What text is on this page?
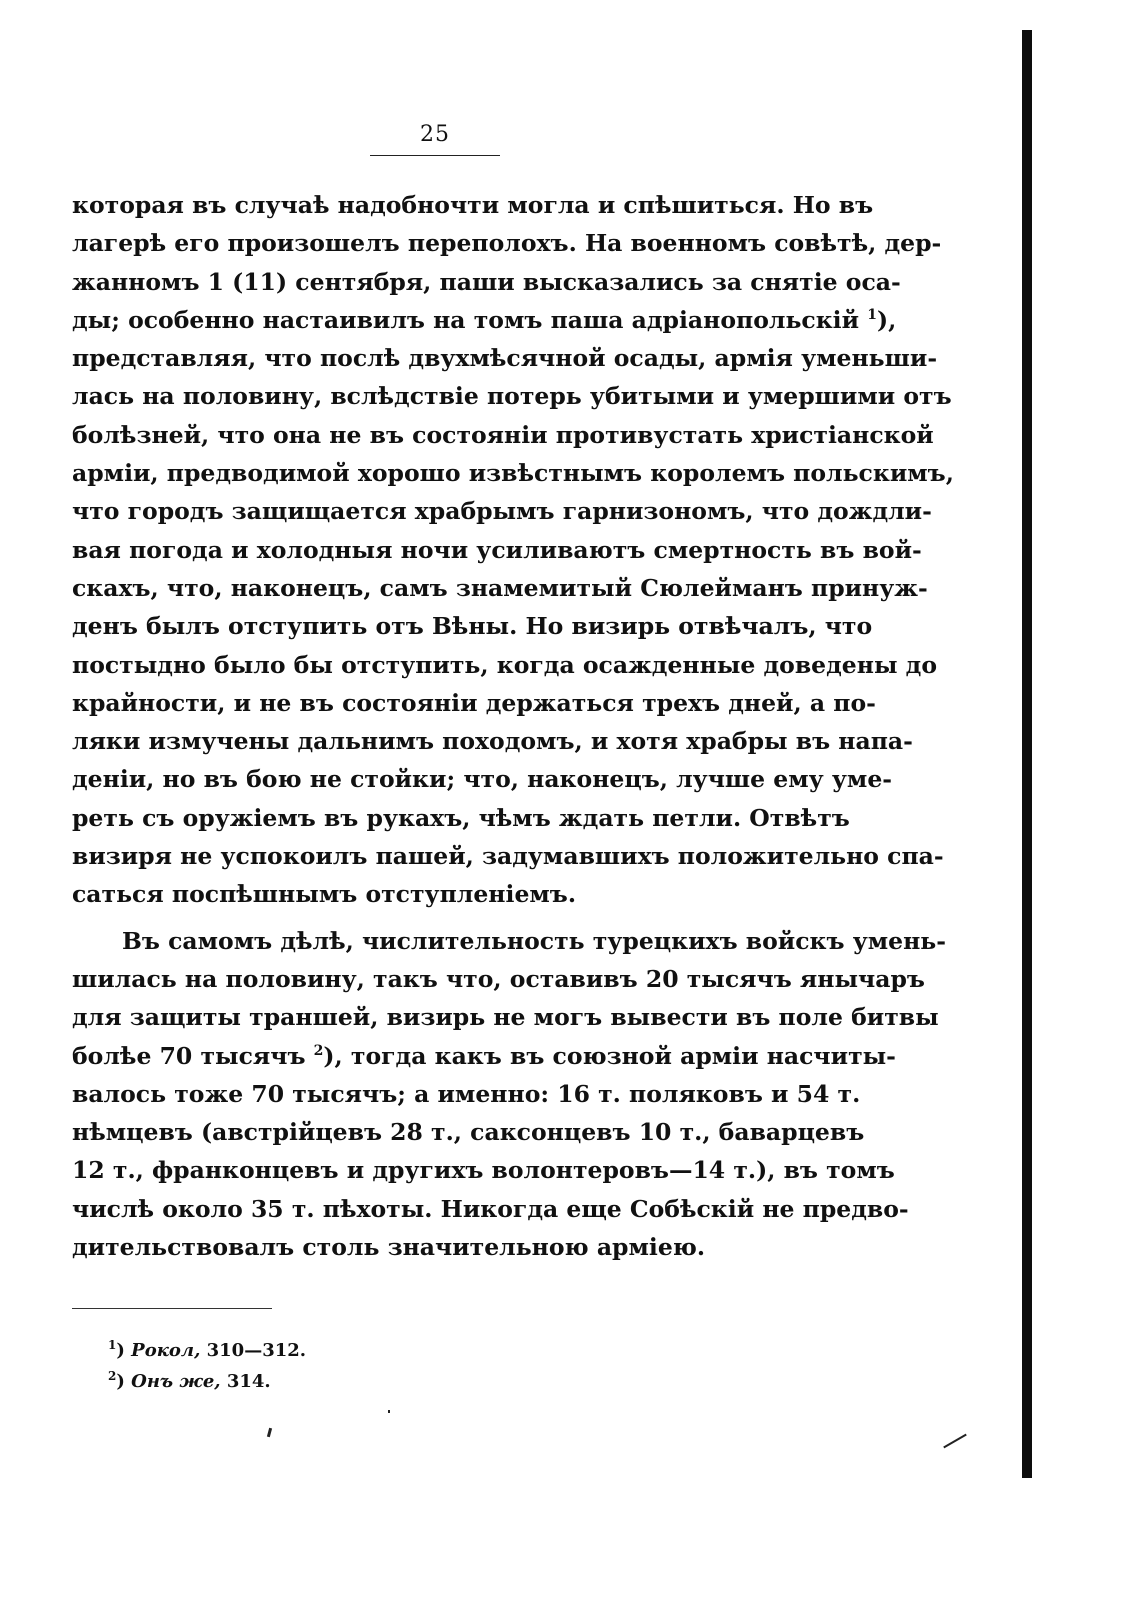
25
которая въ случаѣ надобночти могла и спѣшиться. Но въ
лагерѣ его произошелъ переполохъ. На военномъ совѣтѣ, дер-
жанномъ 1 (11) сентября, паши высказались за снятіе оса-
ды; особенно настаивилъ на томъ паша адріанопольскій $^1$),
представляя, что послѣ двухмѣсячной осады, армія уменьши-
лась на половину, вслѣдствіе потерь убитыми и умершими отъ
болѣзней, что она не въ состояніи противустать христіанской
арміи, предводимой хорошо извѣстнымъ королемъ польскимъ,
что городъ защищается храбрымъ гарнизономъ, что дождли-
вая погода и холодныя ночи усиливаютъ смертность въ вой-
скахъ, что, наконецъ, самъ знамемитый Сюлейманъ принуж-
денъ былъ отступить отъ Вѣны. Но визирь отвѣчалъ, что
постыдно было бы отступить, когда осажденные доведены до
крайности, и не въ состояніи держаться трехъ дней, а по-
ляки измучены дальнимъ походомъ, и хотя храбры въ напа-
деніи, но въ бою не стойки; что, наконецъ, лучше ему уме-
реть съ оружіемъ въ рукахъ, чѣмъ ждать петли. Отвѣтъ
визиря не успокоилъ пашей, задумавшихъ положительно спа-
саться поспѣшнымъ отступленіемъ.
Въ самомъ дѣлѣ, числительность турецкихъ войскъ умень-
шилась на половину, такъ что, оставивъ 20 тысячъ янычаръ
для защиты траншей, визирь не могъ вывести въ поле битвы
болѣе 70 тысячъ $^2$), тогда какъ въ союзной арміи насчиты-
валось тоже 70 тысячъ; а именно: 16 т. поляковъ и 54 т.
нѣмцевъ (австрійцевъ 28 т., саксонцевъ 10 т., баварцевъ
12 т., франконцевъ и другихъ волонтеровъ—14 т.), въ томъ
числѣ около 35 т. пѣхоты. Никогда еще Собѣскій не предво-
дительствовалъ столь значительною арміею.
$^1$) Рокол, 310—312.
$^2$) Онъ же, 314.
